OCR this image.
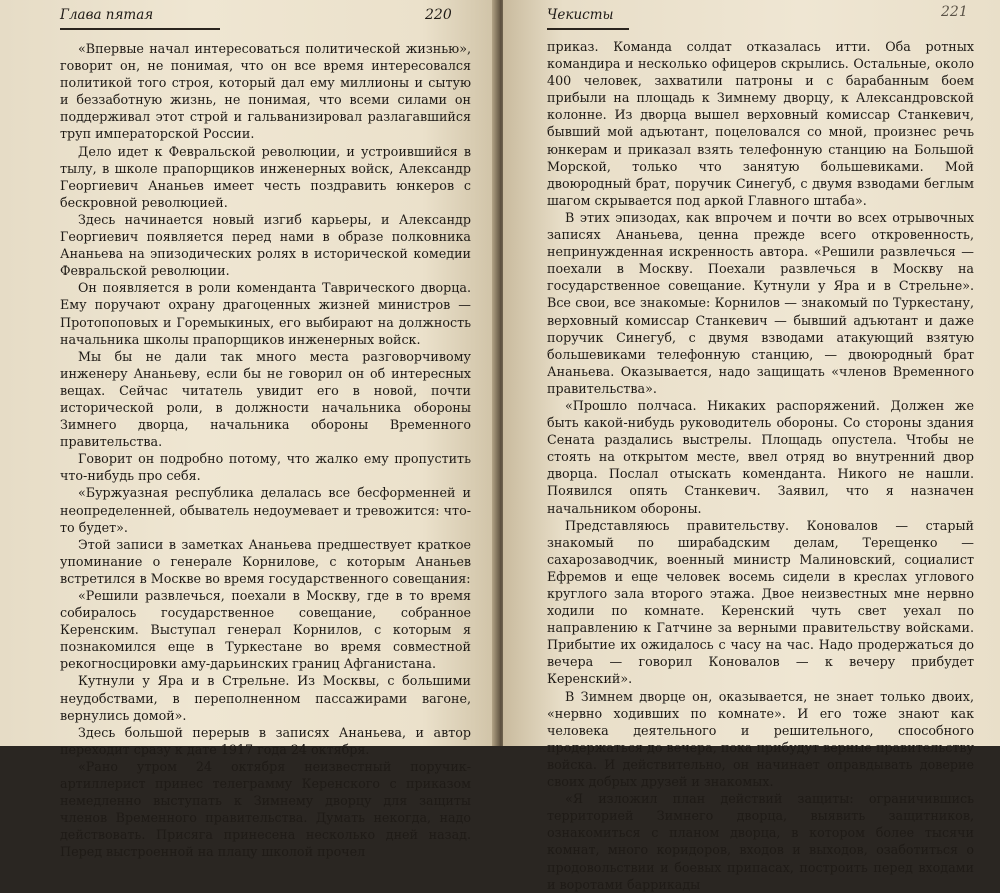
Глава пятая	220

«Впервые начал интересоваться политической жизнью», говорит он, не понимая, что он все время интересовался политикой того строя, который дал ему миллионы и сытую и беззаботную жизнь, не понимая, что всеми силами он поддерживал этот строй и гальванизировал разлагавшийся труп императорской России.

Дело идет к Февральской революции, и устроившийся в тылу, в школе прапорщиков инженерных войск, Александр Георгиевич Ананьев имеет честь поздравить юнкеров с бескровной революцией.

Здесь начинается новый изгиб карьеры, и Александр Георгиевич появляется перед нами в образе полковника Ананьева на эпизодических ролях в исторической комедии Февральской революции.

Он появляется в роли коменданта Таврического дворца. Ему поручают охрану драгоценных жизней министров — Протопоповых и Горемыкиных, его выбирают на должность начальника школы прапорщиков инженерных войск.

Мы бы не дали так много места разговорчивому инженеру Ананьеву, если бы не говорил он об интересных вещах. Сейчас читатель увидит его в новой, почти исторической роли, в должности начальника обороны Зимнего дворца, начальника обороны Временного правительства.

Говорит он подробно потому, что жалко ему пропустить что-нибудь про себя.

«Буржуазная республика делалась все бесформенней и неопределенней, обыватель недоумевает и тревожится: что-то будет».

Этой записи в заметках Ананьева предшествует краткое упоминание о генерале Корнилове, с которым Ананьев встретился в Москве во время государственного совещания:

«Решили развлечься, поехали в Москву, где в то время собиралось государственное совещание, собранное Керенским. Выступал генерал Корнилов, с которым я познакомился еще в Туркестане во время совместной рекогносцировки аму-дарьинских границ Афганистана.

Кутнули у Яра и в Стрельне. Из Москвы, с большими неудобствами, в переполненном пассажирами вагоне, вернулись домой».

Здесь большой перерыв в записях Ананьева, и автор переходит сразу к дате 1917 года 24 октября.

«Рано утром 24 октября неизвестный поручик-артиллерист принес телеграмму Керенского с приказом немедленно выступать к Зимнему дворцу для защиты членов Временного правительства. Думать некогда, надо действовать. Присяга принесена несколько дней назад. Перед выстроенной на плацу школой прочел

Чекисты	221

приказ. Команда солдат отказалась итти. Оба ротных командира и несколько офицеров скрылись. Остальные, около 400 человек, захватили патроны и с барабанным боем прибыли на площадь к Зимнему дворцу, к Александровской колонне. Из дворца вышел верховный комиссар Станкевич, бывший мой адъютант, поцеловался со мной, произнес речь юнкерам и приказал взять телефонную станцию на Большой Морской, только что занятую большевиками. Мой двоюродный брат, поручик Синегуб, с двумя взводами беглым шагом скрывается под аркой Главного штаба».

В этих эпизодах, как впрочем и почти во всех отрывочных записях Ананьева, ценна прежде всего откровенность, непринужденная искренность автора. «Решили развлечься — поехали в Москву. Поехали развлечься в Москву на государственное совещание. Кутнули у Яра и в Стрельне». Все свои, все знакомые: Корнилов — знакомый по Туркестану, верховный комиссар Станкевич — бывший адъютант и даже поручик Синегуб, с двумя взводами атакующий взятую большевиками телефонную станцию, — двоюродный брат Ананьева. Оказывается, надо защищать «членов Временного правительства».

«Прошло полчаса. Никаких распоряжений. Должен же быть какой-нибудь руководитель обороны. Со стороны здания Сената раздались выстрелы. Площадь опустела. Чтобы не стоять на открытом месте, ввел отряд во внутренний двор дворца. Послал отыскать коменданта. Никого не нашли. Появился опять Станкевич. Заявил, что я назначен начальником обороны.

Представляюсь правительству. Коновалов — старый знакомый по ширабадским делам, Терещенко — сахарозаводчик, военный министр Малиновский, социалист Ефремов и еще человек восемь сидели в креслах углового круглого зала второго этажа. Двое неизвестных мне нервно ходили по комнате. Керенский чуть свет уехал по направлению к Гатчине за верными правительству войсками. Прибытие их ожидалось с часу на час. Надо продержаться до вечера — говорил Коновалов — к вечеру прибудет Керенский».

В Зимнем дворце он, оказывается, не знает только двоих, «нервно ходивших по комнате». И его тоже знают как человека деятельного и решительного, способного продержаться до вечера, пока прибудут верные правительству войска. И действительно, он начинает оправдывать доверие своих добрых друзей и знакомых.

«Я изложил план действий защиты: ограничившись территорией Зимнего дворца, выявить защитников, ознакомиться с планом дворца, в котором более тысячи комнат, много коридоров, входов и выходов, озаботиться о продовольствии и боевых припасах, построить перед входами и воротами баррикады
